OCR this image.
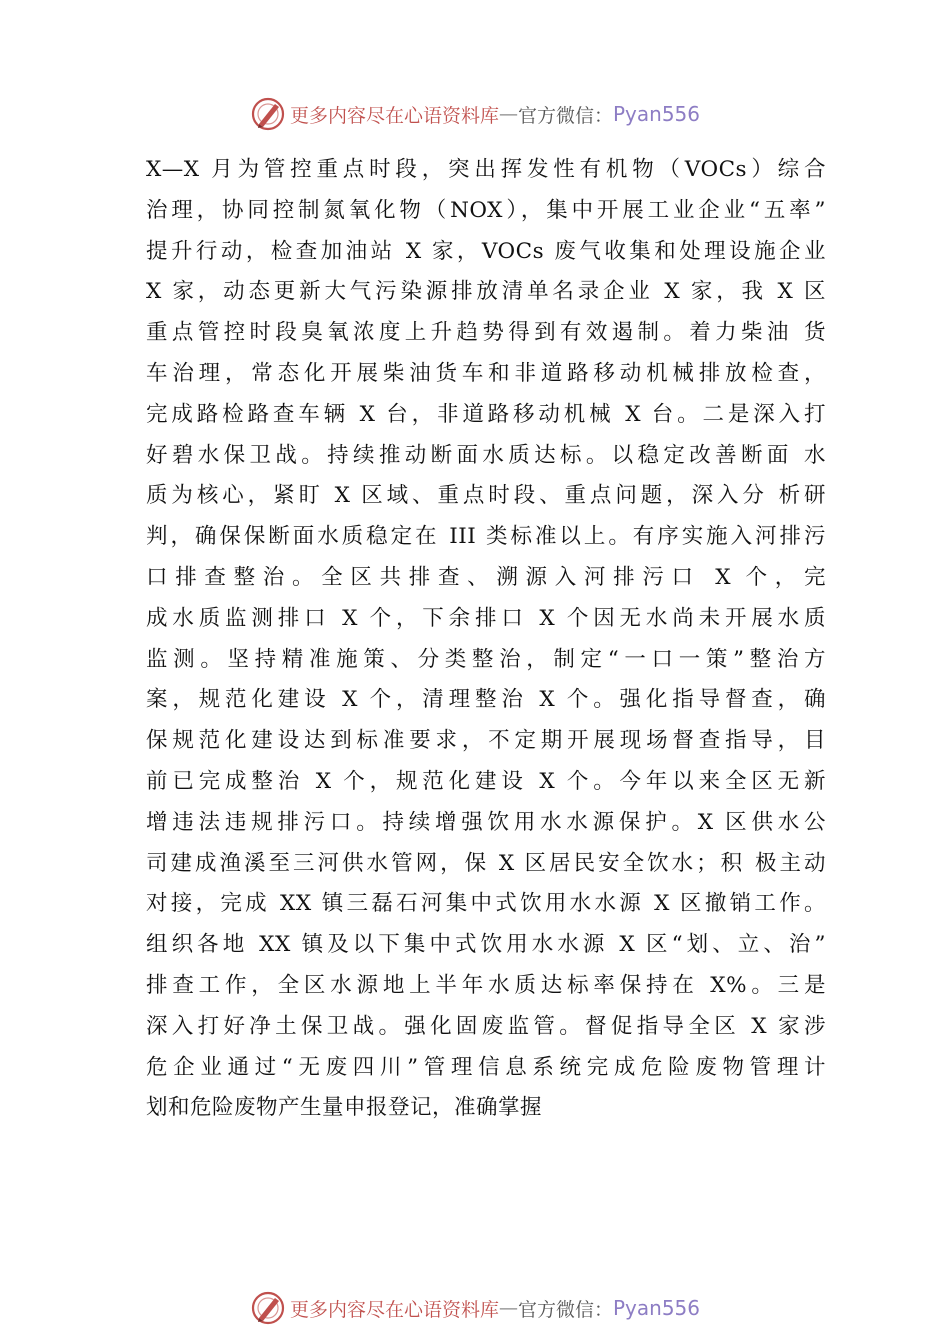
更多内容尽在心语资料库 — 官方微信： Pyan556
X—X 月为管控重点时段，突出挥发性有机物（VOCs）综合
治理，协同控制氮氧化物（NOX），集中开展工业企业“五率”
提升行动，检查加油站 X 家，VOCs 废气收集和处理设施企业
X 家，动态更新大气污染源排放清单名录企业 X 家，我 X 区
重点管控时段臭氧浓度上升趋势得到有效遏制。着力柴油 货
车治理，常态化开展柴油货车和非道路移动机械排放检查，
完成路检路查车辆 X 台，非道路移动机械 X 台。二是深入打
好碧水保卫战。持续推动断面水质达标。以稳定改善断面 水
质为核心，紧盯 X 区域、重点时段、重点问题，深入分 析研
判，确保保断面水质稳定在 III 类标准以上。有序实施入河排污
口排查整治。全区共排查、溯源入河排污口 X 个，完
成水质监测排口 X 个，下余排口 X 个因无水尚未开展水质
监测。坚持精准施策、分类整治，制定“一口一策”整治方
案，规范化建设 X 个，清理整治 X 个。强化指导督查，确
保规范化建设达到标准要求，不定期开展现场督查指导，目
前已完成整治 X 个，规范化建设 X 个。今年以来全区无新
增违法违规排污口。持续增强饮用水水源保护。X 区供水公
司建成渔溪至三河供水管网，保 X 区居民安全饮水；积 极主动
对接，完成 XX 镇三磊石河集中式饮用水水源 X 区撤销工作。
组织各地 XX 镇及以下集中式饮用水水源 X 区“划、立、治”
排查工作，全区水源地上半年水质达标率保持在 X%。三是
深入打好净土保卫战。强化固废监管。督促指导全区 X 家涉
危企业通过“无废四川”管理信息系统完成危险废物管理计
划和危险废物产生量申报登记，准确掌握
更多内容尽在心语资料库 — 官方微信： Pyan556
